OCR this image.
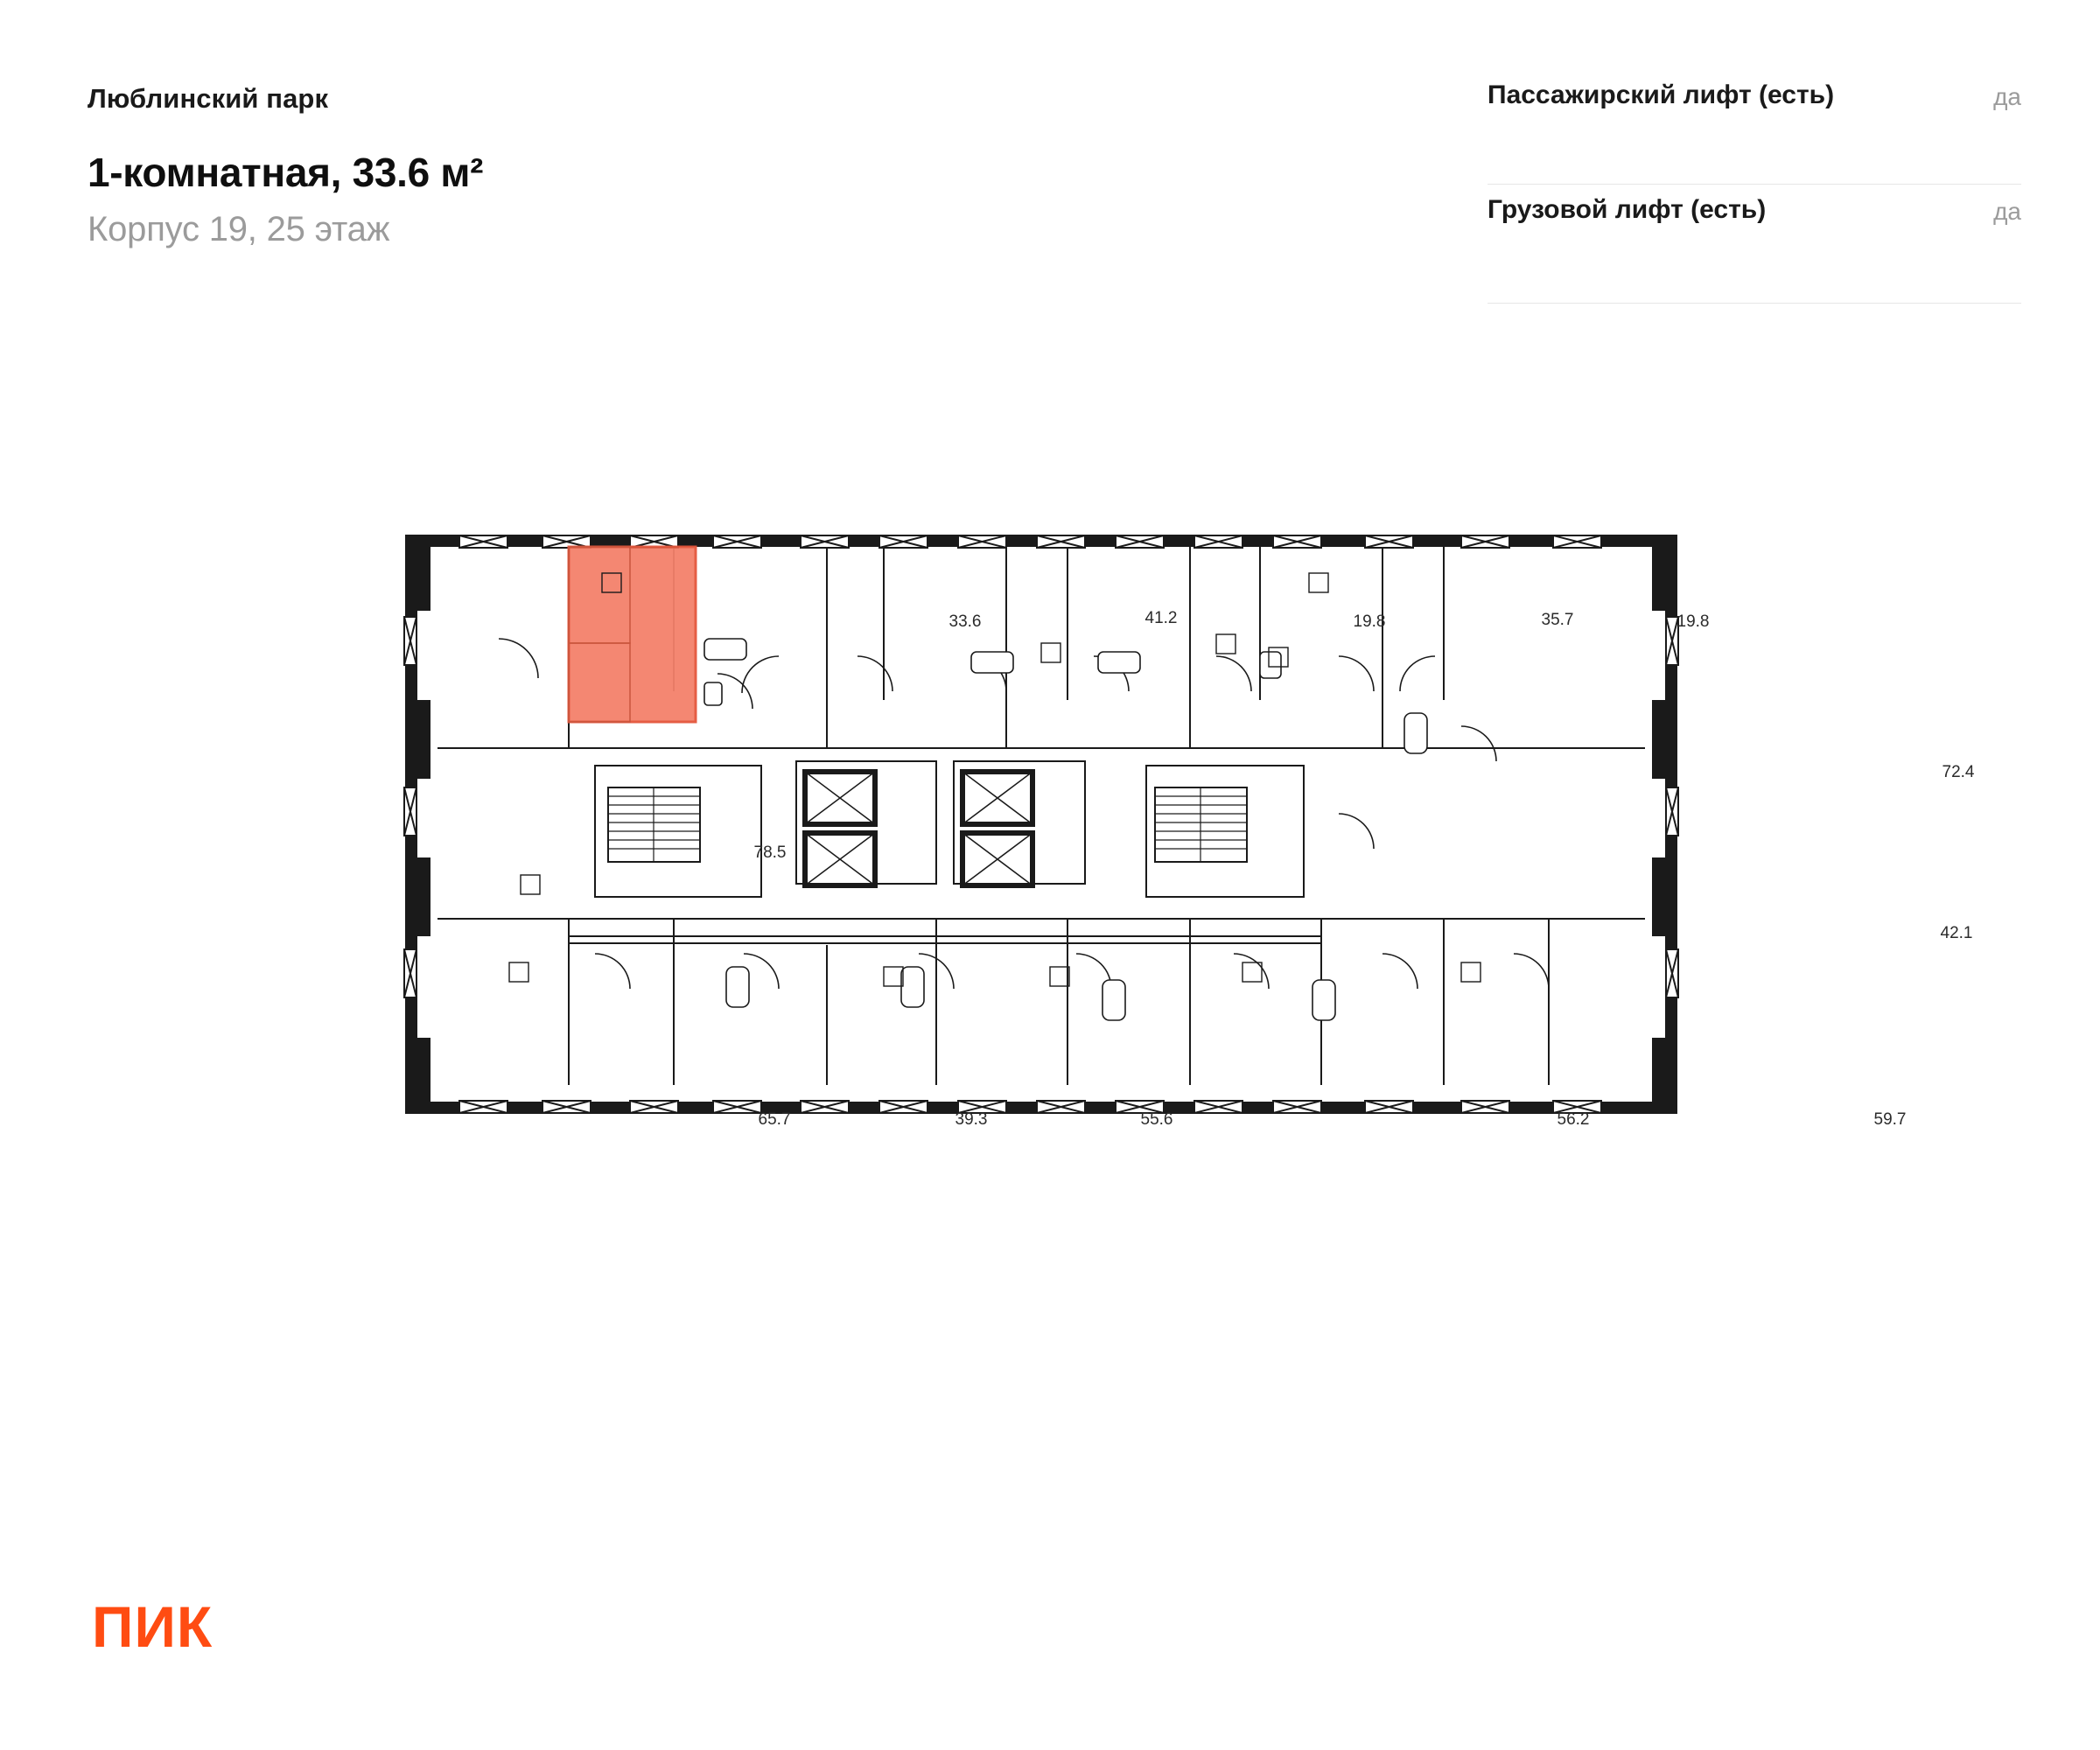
Люблинский парк
1-комнатная, 33.6 м²
Корпус 19, 25 этаж
Пассажирский лифт (есть)	да
Грузовой лифт (есть)	да
33.6	41.2	19.8	35.7	19.8
72.4
78.5
42.1
65.7	39.3	55.6	56.2	59.7
ПИК
